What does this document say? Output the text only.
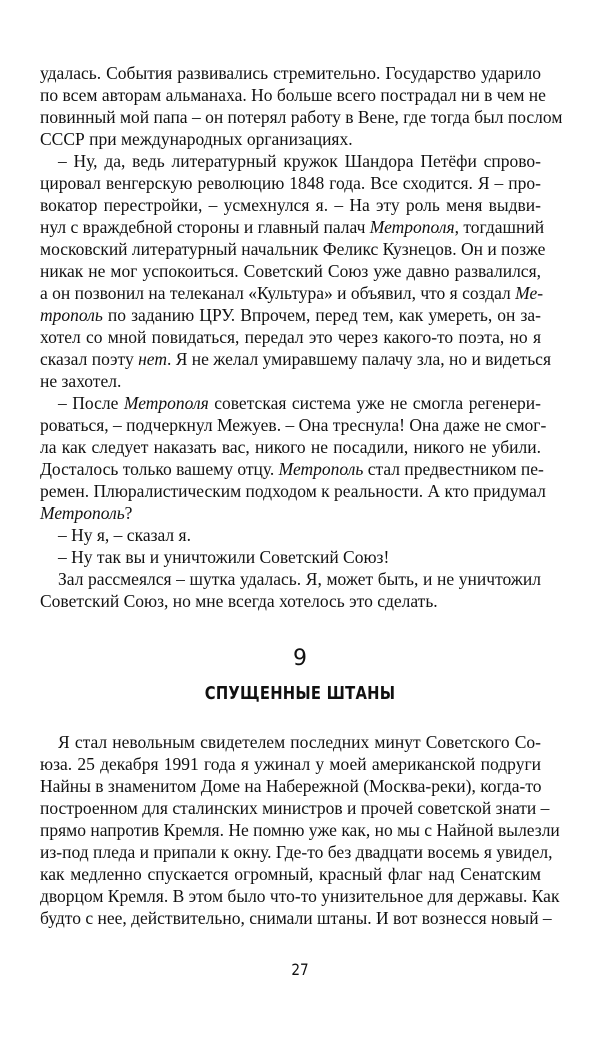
удалась. События развивались стремительно. Государство ударило
по всем авторам альманаха. Но больше всего пострадал ни в чем не
повинный мой папа – он потерял работу в Вене, где тогда был послом
СССР при международных организациях.
– Ну, да, ведь литературный кружок Шандора Петёфи спрово-
цировал венгерскую революцию 1848 года. Все сходится. Я – про-
вокатор перестройки, – усмехнулся я. – На эту роль меня выдви-
нул с враждебной стороны и главный палач Метрополя, тогдашний
московский литературный начальник Феликс Кузнецов. Он и позже
никак не мог успокоиться. Советский Союз уже давно развалился,
а он позвонил на телеканал «Культура» и объявил, что я создал Ме-
трополь по заданию ЦРУ. Впрочем, перед тем, как умереть, он за-
хотел со мной повидаться, передал это через какого-то поэта, но я
сказал поэту нет. Я не желал умиравшему палачу зла, но и видеться
не захотел.
– После Метрополя советская система уже не смогла регенери-
роваться, – подчеркнул Межуев. – Она треснула! Она даже не смог-
ла как следует наказать вас, никого не посадили, никого не убили.
Досталось только вашему отцу. Метрополь стал предвестником пе-
ремен. Плюралистическим подходом к реальности. А кто придумал
Метрополь?
– Ну я, – сказал я.
– Ну так вы и уничтожили Советский Союз!
Зал рассмеялся – шутка удалась. Я, может быть, и не уничтожил
Советский Союз, но мне всегда хотелось это сделать.
9
СПУЩЕННЫЕ ШТАНЫ
Я стал невольным свидетелем последних минут Советского Со-
юза. 25 декабря 1991 года я ужинал у моей американской подруги
Найны в знаменитом Доме на Набережной (Москва-реки), когда-то
построенном для сталинских министров и прочей советской знати –
прямо напротив Кремля. Не помню уже как, но мы с Найной вылезли
из-под пледа и припали к окну. Где-то без двадцати восемь я увидел,
как медленно спускается огромный, красный флаг над Сенатским
дворцом Кремля. В этом было что-то унизительное для державы. Как
будто с нее, действительно, снимали штаны. И вот вознесся новый –
27
